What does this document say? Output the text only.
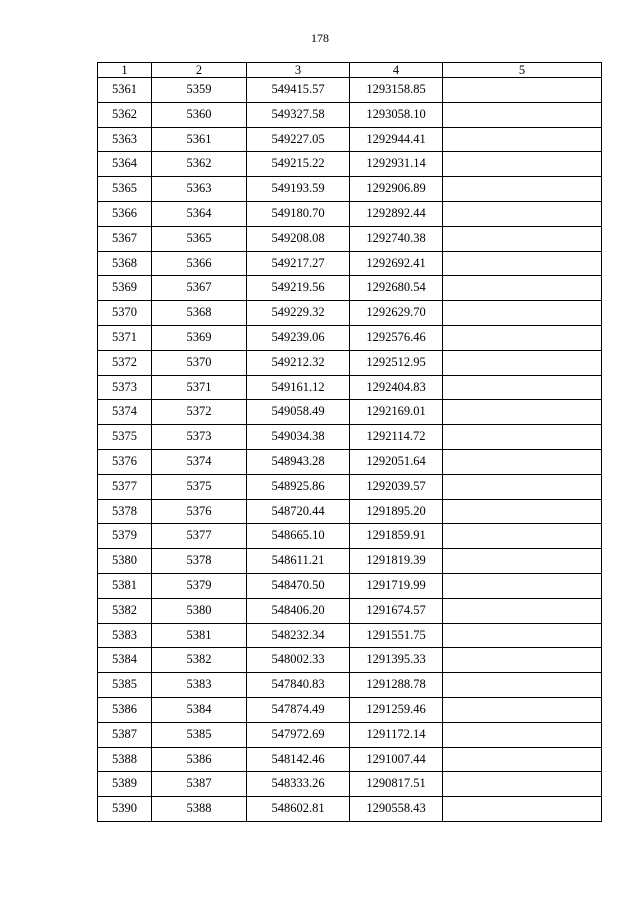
178
1	2	3	4	5
5361	5359	549415.57	1293158.85	
5362	5360	549327.58	1293058.10	
5363	5361	549227.05	1292944.41	
5364	5362	549215.22	1292931.14	
5365	5363	549193.59	1292906.89	
5366	5364	549180.70	1292892.44	
5367	5365	549208.08	1292740.38	
5368	5366	549217.27	1292692.41	
5369	5367	549219.56	1292680.54	
5370	5368	549229.32	1292629.70	
5371	5369	549239.06	1292576.46	
5372	5370	549212.32	1292512.95	
5373	5371	549161.12	1292404.83	
5374	5372	549058.49	1292169.01	
5375	5373	549034.38	1292114.72	
5376	5374	548943.28	1292051.64	
5377	5375	548925.86	1292039.57	
5378	5376	548720.44	1291895.20	
5379	5377	548665.10	1291859.91	
5380	5378	548611.21	1291819.39	
5381	5379	548470.50	1291719.99	
5382	5380	548406.20	1291674.57	
5383	5381	548232.34	1291551.75	
5384	5382	548002.33	1291395.33	
5385	5383	547840.83	1291288.78	
5386	5384	547874.49	1291259.46	
5387	5385	547972.69	1291172.14	
5388	5386	548142.46	1291007.44	
5389	5387	548333.26	1290817.51	
5390	5388	548602.81	1290558.43	
